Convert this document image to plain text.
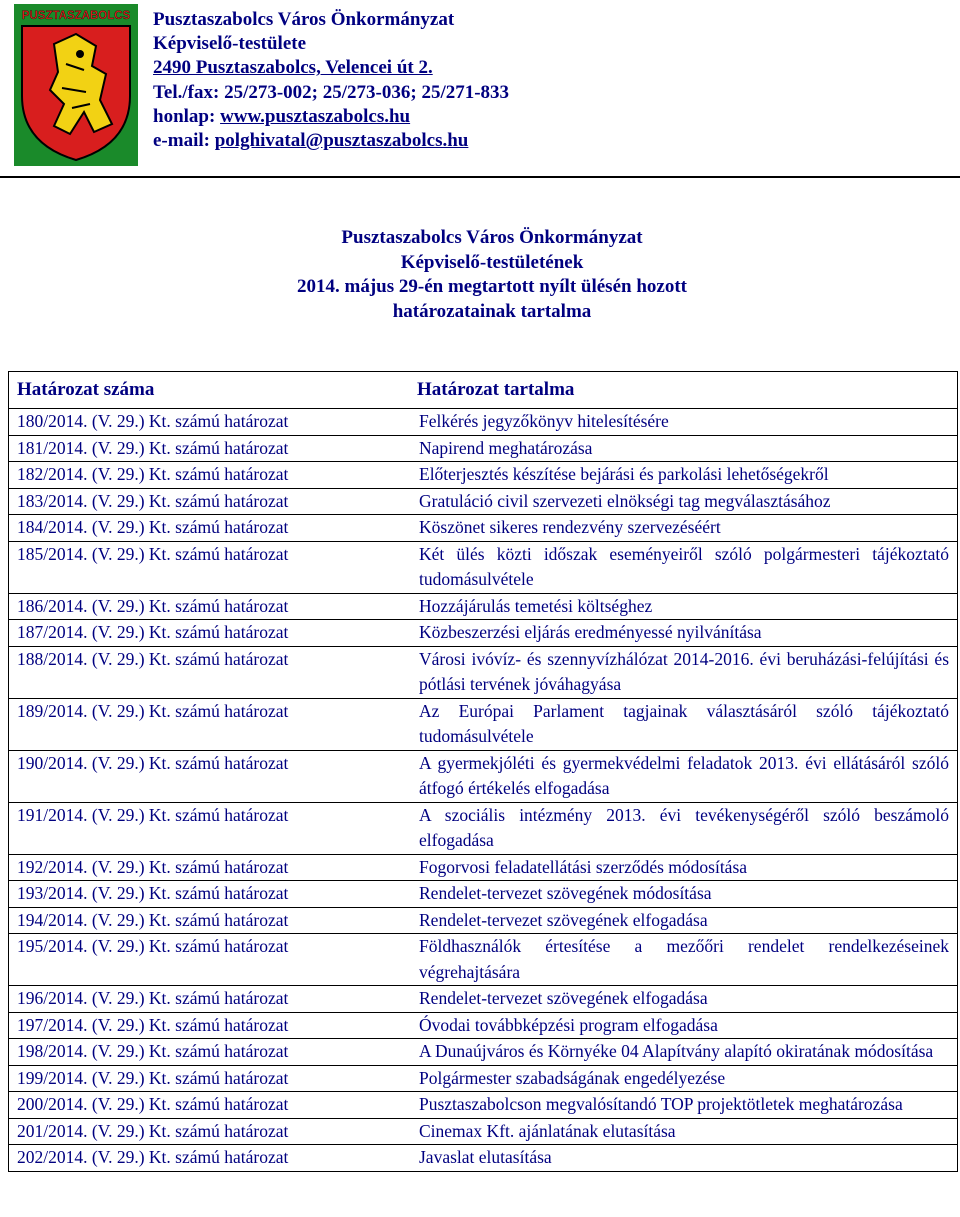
PUSZTASZABOLCS Pusztaszabolcs Város Önkormányzat
Képviselő-testülete
2490 Pusztaszabolcs, Velencei út 2.
Tel./fax: 25/273-002; 25/273-036; 25/271-833
honlap: www.pusztaszabolcs.hu
e-mail: polghivatal@pusztaszabolcs.hu
Pusztaszabolcs Város Önkormányzat
Képviselő-testületének
2014. május 29-én megtartott nyílt ülésén hozott
határozatainak tartalma
Határozat száma	Határozat tartalma
180/2014. (V. 29.) Kt. számú határozat	Felkérés jegyzőkönyv hitelesítésére
181/2014. (V. 29.) Kt. számú határozat	Napirend meghatározása
182/2014. (V. 29.) Kt. számú határozat	Előterjesztés készítése bejárási és parkolási lehetőségekről
183/2014. (V. 29.) Kt. számú határozat	Gratuláció civil szervezeti elnökségi tag megválasztásához
184/2014. (V. 29.) Kt. számú határozat	Köszönet sikeres rendezvény szervezéséért
185/2014. (V. 29.) Kt. számú határozat	Két ülés közti időszak eseményeiről szóló polgármesteri tájékoztató tudomásulvétele
186/2014. (V. 29.) Kt. számú határozat	Hozzájárulás temetési költséghez
187/2014. (V. 29.) Kt. számú határozat	Közbeszerzési eljárás eredményessé nyilvánítása
188/2014. (V. 29.) Kt. számú határozat	Városi ivóvíz- és szennyvízhálózat 2014-2016. évi beruházási-felújítási és pótlási tervének jóváhagyása
189/2014. (V. 29.) Kt. számú határozat	Az Európai Parlament tagjainak választásáról szóló tájékoztató tudomásulvétele
190/2014. (V. 29.) Kt. számú határozat	A gyermekjóléti és gyermekvédelmi feladatok 2013. évi ellátásáról szóló átfogó értékelés elfogadása
191/2014. (V. 29.) Kt. számú határozat	A szociális intézmény 2013. évi tevékenységéről szóló beszámoló elfogadása
192/2014. (V. 29.) Kt. számú határozat	Fogorvosi feladatellátási szerződés módosítása
193/2014. (V. 29.) Kt. számú határozat	Rendelet-tervezet szövegének módosítása
194/2014. (V. 29.) Kt. számú határozat	Rendelet-tervezet szövegének elfogadása
195/2014. (V. 29.) Kt. számú határozat	Földhasználók értesítése a mezőőri rendelet rendelkezéseinek végrehajtására
196/2014. (V. 29.) Kt. számú határozat	Rendelet-tervezet szövegének elfogadása
197/2014. (V. 29.) Kt. számú határozat	Óvodai továbbképzési program elfogadása
198/2014. (V. 29.) Kt. számú határozat	A Dunaújváros és Környéke 04 Alapítvány alapító okiratának módosítása
199/2014. (V. 29.) Kt. számú határozat	Polgármester szabadságának engedélyezése
200/2014. (V. 29.) Kt. számú határozat	Pusztaszabolcson megvalósítandó TOP projektötletek meghatározása
201/2014. (V. 29.) Kt. számú határozat	Cinemax Kft. ajánlatának elutasítása
202/2014. (V. 29.) Kt. számú határozat	Javaslat elutasítása
